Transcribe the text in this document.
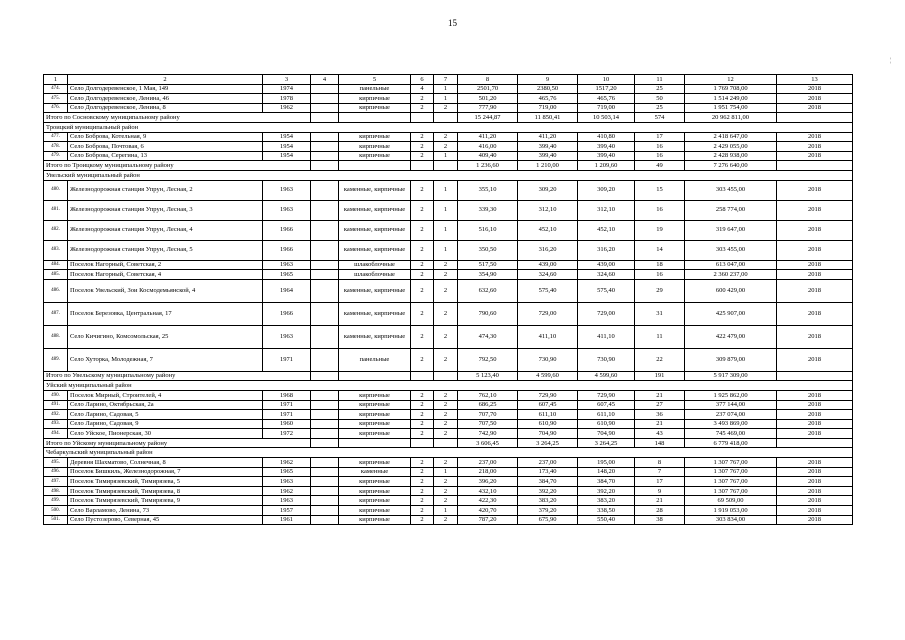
15
¦
1	2	3	4	5	6	7	8	9	10	11	12	13
474.	Село Долгодеревенское, 1 Мая, 149	1974		панельные	4	1	2501,70	2380,50	1517,20	25	1 769 708,00	2018
475.	Село Долгодеревенское, Ленина, 46	1978		кирпичные	2	1	501,20	465,76	465,76	50	1 514 249,00	2018
476.	Село Долгодеревенское, Ленина, 8	1962		кирпичные	2	2	777,90	719,00	719,00	25	1 951 754,00	2018
Итого по Сосновскому муниципальному району							15 244,87	11 850,41	10 503,14	574	20 962 811,00	
Троицкий муниципальный район												
477.	Село Боброва, Котельная, 9	1954		кирпичные	2	2	411,20	411,20	410,80	17	2 418 647,00	2018
478.	Село Боброва, Почтовая, 6	1954		кирпичные	2	2	416,00	399,40	399,40	16	2 429 055,00	2018
479.	Село Боброва, Серегина, 13	1954		кирпичные	2	1	409,40	399,40	399,40	16	2 428 938,00	2018
Итого по Троицкому муниципальному району							1 236,60	1 210,00	1 209,60	49	7 276 640,00	
Увельский муниципальный район												
480.	Железнодорожная станция Упрун, Лесная, 2	1963		каменные, кирпичные	2	1	355,10	309,20	309,20	15	303 455,00	2018
481.	Железнодорожная станция Упрун, Лесная, 3	1963		каменные, кирпичные	2	1	339,30	312,10	312,10	16	258 774,00	2018
482.	Железнодорожная станция Упрун, Лесная, 4	1966		каменные, кирпичные	2	1	516,10	452,10	452,10	19	319 647,00	2018
483.	Железнодорожная станция Упрун, Лесная, 5	1966		каменные, кирпичные	2	1	350,50	316,20	316,20	14	303 455,00	2018
484.	Поселок Нагорный, Советская, 2	1963		шлакоблочные	2	2	517,50	439,00	439,00	18	613 047,00	2018
485.	Поселок Нагорный, Советская, 4	1965		шлакоблочные	2	2	354,90	324,60	324,60	16	2 360 237,00	2018
486.	Поселок Увельский, Зои Космодемьянской, 4	1964		каменные, кирпичные	2	2	632,60	575,40	575,40	29	600 429,00	2018
487.	Поселок Березовка, Центральная, 17	1966		каменные, кирпичные	2	2	790,60	729,00	729,00	31	425 907,00	2018
488.	Село Кичигино, Комсомольская, 25	1963		каменные, кирпичные	2	2	474,30	411,10	411,10	11	422 479,00	2018
489.	Село Хуторка, Молодежная, 7	1971		панельные	2	2	792,50	730,90	730,90	22	309 879,00	2018
Итого по Увельскому муниципальному району							5 123,40	4 599,60	4 599,60	191	5 917 309,00	
Уйский муниципальный район												
490.	Поселок Мирный, Строителей, 4	1968		кирпичные	2	2	762,10	729,90	729,90	21	1 925 862,00	2018
491.	Село Ларино, Октябрьская, 2а	1971		кирпичные	2	2	686,25	607,45	607,45	27	377 144,00	2018
492.	Село Ларино, Садовая, 5	1971		кирпичные	2	2	707,70	611,10	611,10	36	237 074,00	2018
493.	Село Ларино, Садовая, 9	1960		кирпичные	2	2	707,50	610,90	610,90	21	3 493 869,00	2018
494.	Село Уйское, Пионерская, 30	1972		кирпичные	2	2	742,90	704,90	704,90	43	745 469,00	2018
Итого по Уйскому муниципальному району							3 606,45	3 264,25	3 264,25	148	6 779 418,00	
Чебаркульский муниципальный район												
495.	Деревня Шахматово, Солнечная, 8	1962		кирпичные	2	2	237,00	237,00	195,00	8	1 307 767,00	2018
496.	Поселок Бишкиль, Железнодорожная, 7	1965		каменные	2	1	218,00	173,40	148,20	7	1 307 767,00	2018
497.	Поселок Тимирязевский, Тимирязева, 5	1963		кирпичные	2	2	396,20	384,70	384,70	17	1 307 767,00	2018
498.	Поселок Тимирязевский, Тимирязева, 8	1962		кирпичные	2	2	432,10	392,20	392,20	9	1 307 767,00	2018
499.	Поселок Тимирязевский, Тимирязева, 9	1963		кирпичные	2	2	422,30	383,20	383,20	21	69 509,00	2018
500.	Село Варламово, Ленина, 73	1957		кирпичные	2	1	420,70	379,20	338,50	28	1 919 053,00	2018
501.	Село Пустозерово, Северная, 45	1961		кирпичные	2	2	787,20	675,90	550,40	38	303 834,00	2018
